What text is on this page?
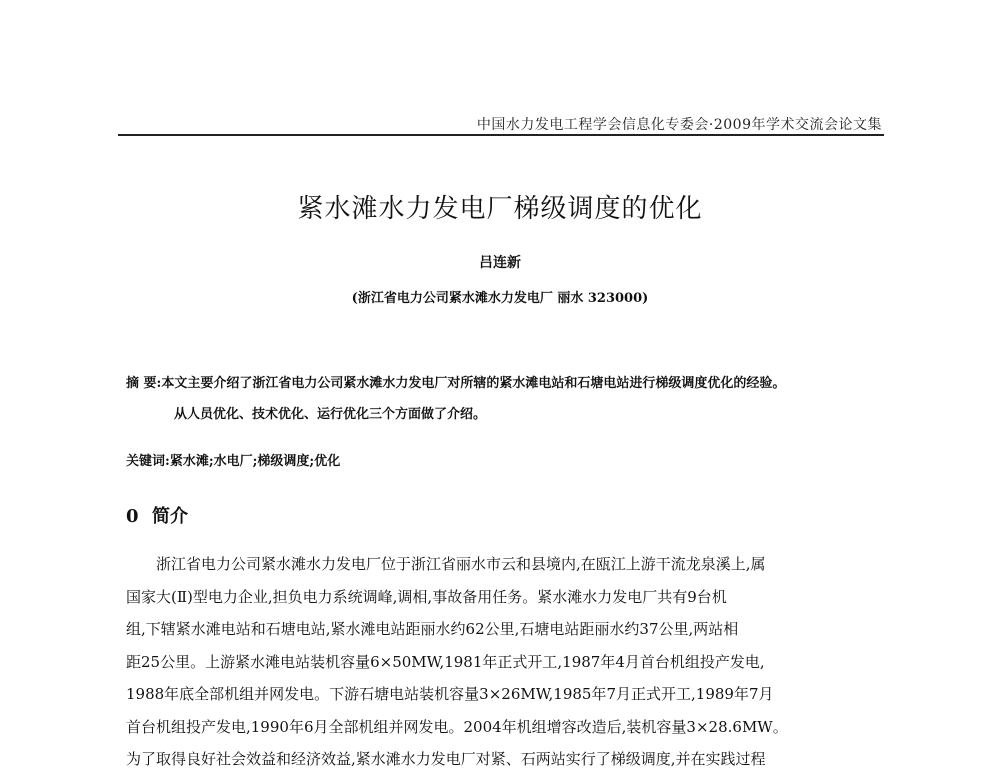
中国水力发电工程学会信息化专委会·2009年学术交流会论文集
紧水滩水力发电厂梯级调度的优化
吕连新
(浙江省电力公司紧水滩水力发电厂 丽水 323000)
摘 要:本文主要介绍了浙江省电力公司紧水滩水力发电厂对所辖的紧水滩电站和石塘电站进行梯级调度优化的经验。
从人员优化、技术优化、运行优化三个方面做了介绍。
关键词:紧水滩;水电厂;梯级调度;优化
0 简介
浙江省电力公司紧水滩水力发电厂位于浙江省丽水市云和县境内,在瓯江上游干流龙泉溪上,属
国家大(Ⅱ)型电力企业,担负电力系统调峰,调相,事故备用任务。紧水滩水力发电厂共有9台机
组,下辖紧水滩电站和石塘电站,紧水滩电站距丽水约62公里,石塘电站距丽水约37公里,两站相
距25公里。上游紧水滩电站装机容量6×50MW,1981年正式开工,1987年4月首台机组投产发电,
1988年底全部机组并网发电。下游石塘电站装机容量3×26MW,1985年7月正式开工,1989年7月
首台机组投产发电,1990年6月全部机组并网发电。2004年机组增容改造后,装机容量3×28.6MW。
为了取得良好社会效益和经济效益,紧水滩水力发电厂对紧、石两站实行了梯级调度,并在实践过程
